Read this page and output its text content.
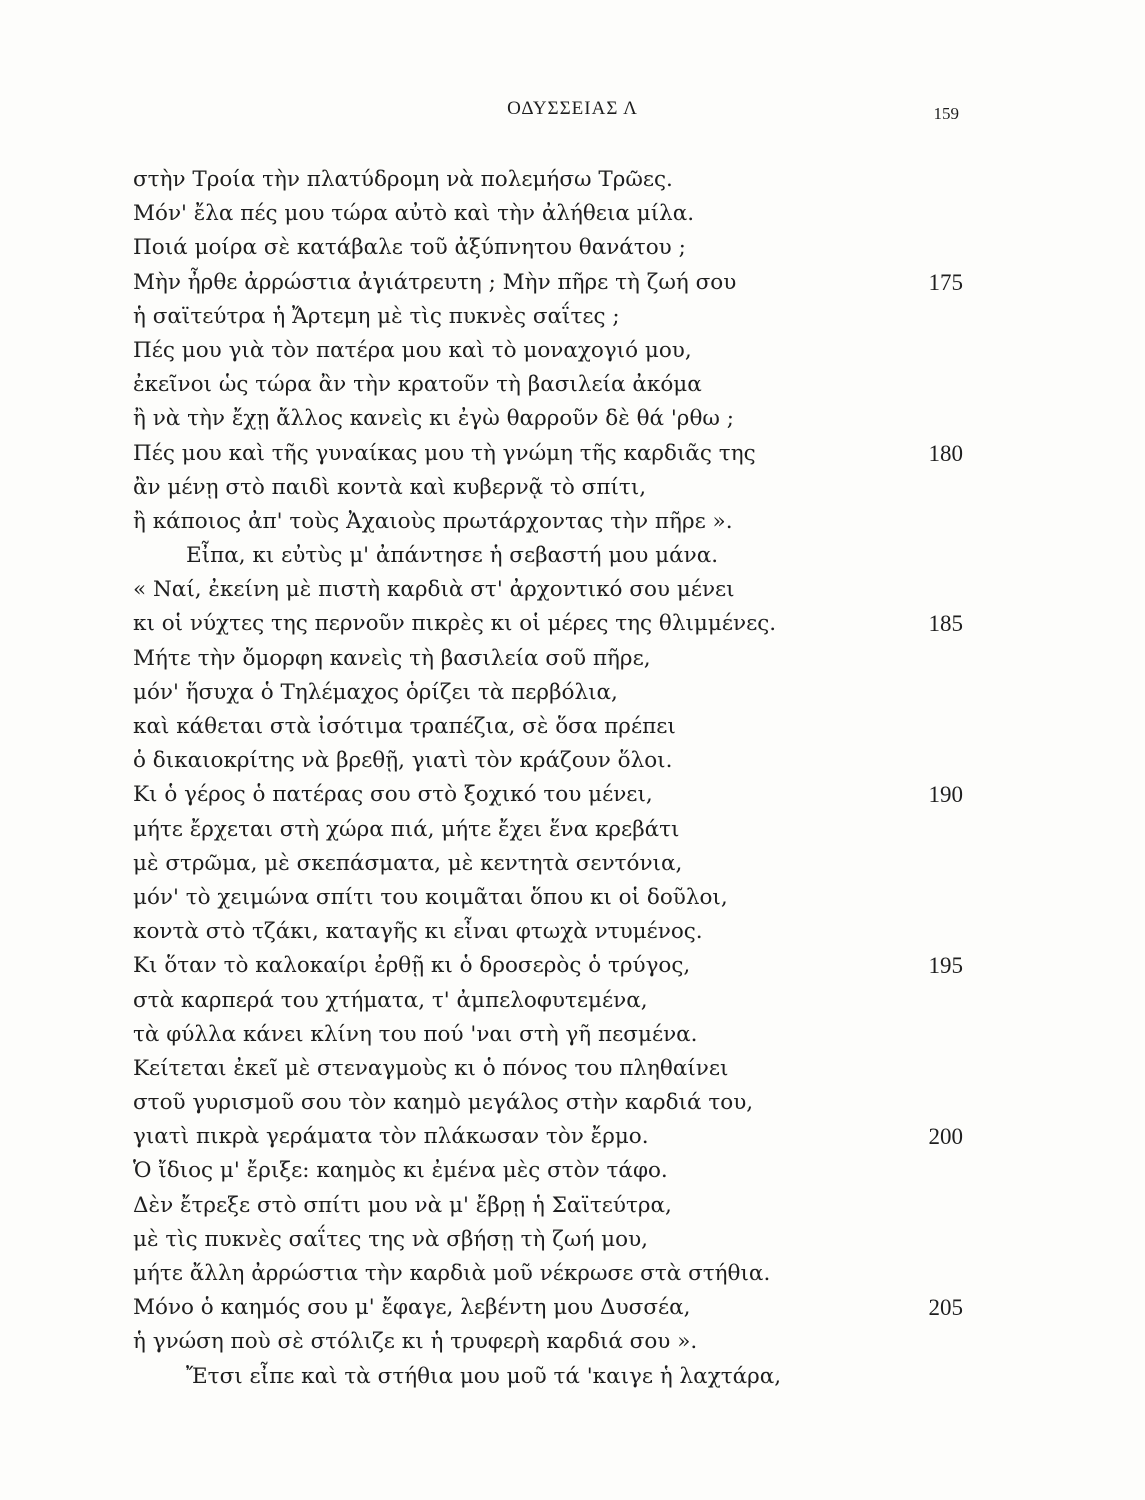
ΟΔΥΣΣΕΙΑΣ Λ	159
στὴν Τροία τὴν πλατύδρομη νὰ πολεμήσω Τρῶες.
Μόν' ἔλα πές μου τώρα αὐτὸ καὶ τὴν ἀλήθεια μίλα.
Ποιά μοίρα σὲ κατάβαλε τοῦ ἀξύπνητου θανάτου ;
Μὴν ἦρθε ἀρρώστια ἀγιάτρευτη ; Μὴν πῆρε τὴ ζωή σου	175
ἡ σαϊτεύτρα ἡ Ἄρτεμη μὲ τὶς πυκνὲς σαΐτες ;
Πές μου γιὰ τὸν πατέρα μου καὶ τὸ μοναχογιό μου,
ἐκεῖνοι ὡς τώρα ἂν τὴν κρατοῦν τὴ βασιλεία ἀκόμα
ἢ νὰ τὴν ἔχῃ ἄλλος κανεὶς κι ἐγὼ θαρροῦν δὲ θά 'ρθω ;
Πές μου καὶ τῆς γυναίκας μου τὴ γνώμη τῆς καρδιᾶς της	180
ἂν μένῃ στὸ παιδὶ κοντὰ καὶ κυβερνᾷ τὸ σπίτι,
ἢ κάποιος ἀπ' τοὺς Ἀχαιοὺς πρωτάρχοντας τὴν πῆρε ».
Εἶπα, κι εὐτὺς μ' ἀπάντησε ἡ σεβαστή μου μάνα.
« Ναί, ἐκείνη μὲ πιστὴ καρδιὰ στ' ἀρχοντικό σου μένει
κι οἱ νύχτες της περνοῦν πικρὲς κι οἱ μέρες της θλιμμένες.	185
Μήτε τὴν ὄμορφη κανεὶς τὴ βασιλεία σοῦ πῆρε,
μόν' ἥσυχα ὁ Τηλέμαχος ὁρίζει τὰ περβόλια,
καὶ κάθεται στὰ ἰσότιμα τραπέζια, σὲ ὅσα πρέπει
ὁ δικαιοκρίτης νὰ βρεθῇ, γιατὶ τὸν κράζουν ὅλοι.
Κι ὁ γέρος ὁ πατέρας σου στὸ ξοχικό του μένει,	190
μήτε ἔρχεται στὴ χώρα πιά, μήτε ἔχει ἕνα κρεβάτι
μὲ στρῶμα, μὲ σκεπάσματα, μὲ κεντητὰ σεντόνια,
μόν' τὸ χειμώνα σπίτι του κοιμᾶται ὅπου κι οἱ δοῦλοι,
κοντὰ στὸ τζάκι, καταγῆς κι εἶναι φτωχὰ ντυμένος.
Κι ὅταν τὸ καλοκαίρι ἐρθῇ κι ὁ δροσερὸς ὁ τρύγος,	195
στὰ καρπερά του χτήματα, τ' ἀμπελοφυτεμένα,
τὰ φύλλα κάνει κλίνη του πού 'ναι στὴ γῆ πεσμένα.
Κείτεται ἐκεῖ μὲ στεναγμοὺς κι ὁ πόνος του πληθαίνει
στοῦ γυρισμοῦ σου τὸν καημὸ μεγάλος στὴν καρδιά του,
γιατὶ πικρὰ γεράματα τὸν πλάκωσαν τὸν ἔρμο.	200
Ὁ ἴδιος μ' ἔριξε: καημὸς κι ἐμένα μὲς στὸν τάφο.
Δὲν ἔτρεξε στὸ σπίτι μου νὰ μ' ἔβρῃ ἡ Σαϊτεύτρα,
μὲ τὶς πυκνὲς σαΐτες της νὰ σβήσῃ τὴ ζωή μου,
μήτε ἄλλη ἀρρώστια τὴν καρδιὰ μοῦ νέκρωσε στὰ στήθια.
Μόνο ὁ καημός σου μ' ἔφαγε, λεβέντη μου Δυσσέα,	205
ἡ γνώση ποὺ σὲ στόλιζε κι ἡ τρυφερὴ καρδιά σου ».
Ἔτσι εἶπε καὶ τὰ στήθια μου μοῦ τά 'καιγε ἡ λαχτάρα,
